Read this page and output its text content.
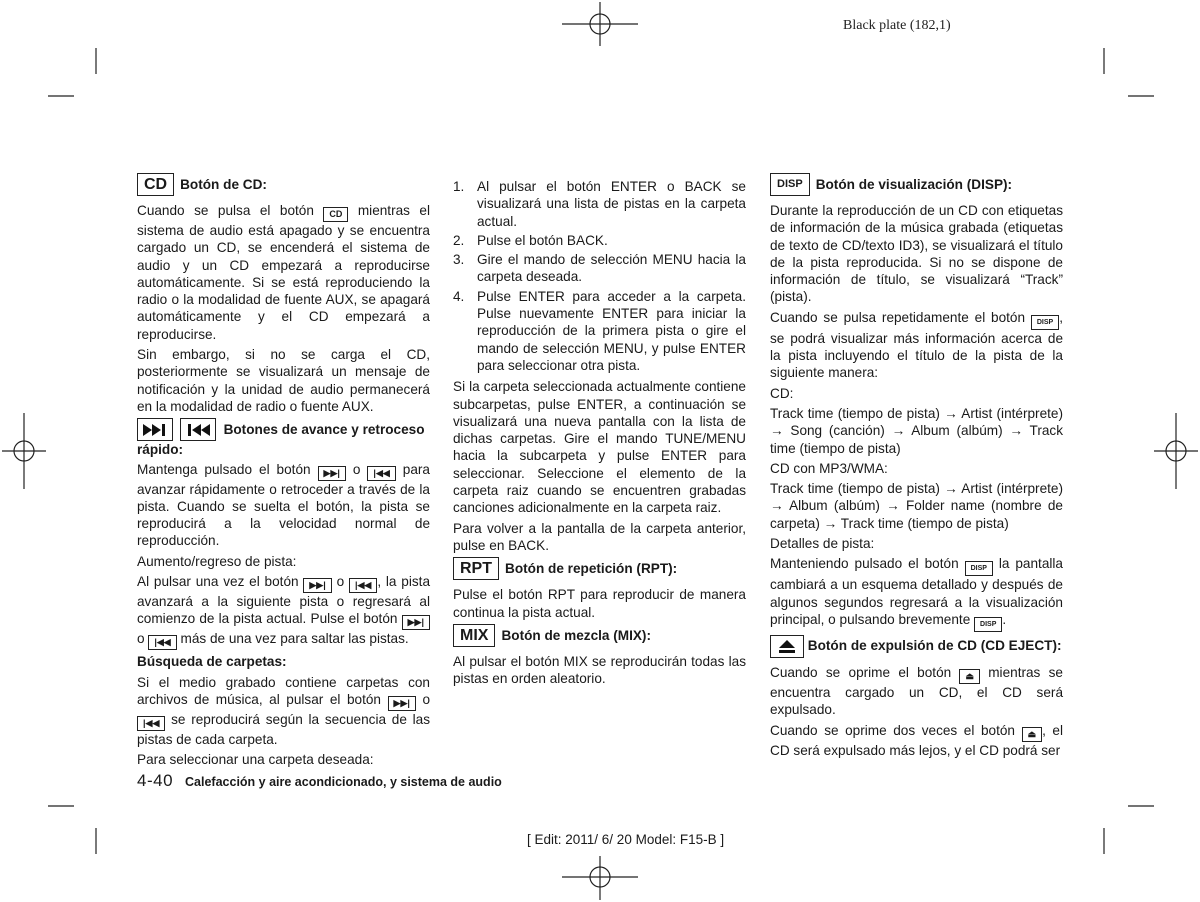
Black plate (182,1)
CD Botón de CD:

Cuando se pulsa el botón CD mientras el sistema de audio está apagado y se encuentra cargado un CD, se encenderá el sistema de audio y un CD empezará a reproducirse automáticamente. Si se está reproduciendo la radio o la modalidad de fuente AUX, se apagará automáticamente y el CD empezará a reproducirse.

Sin embargo, si no se carga el CD, posteriormente se visualizará un mensaje de notificación y la unidad de audio permanecerá en la modalidad de radio o fuente AUX.

Botones de avance y retroceso rápido:

Mantenga pulsado el botón ▶▶| o |◀◀ para avanzar rápidamente o retroceder a través de la pista. Cuando se suelta el botón, la pista se reproducirá a la velocidad normal de reproducción.

Aumento/regreso de pista:

Al pulsar una vez el botón ▶▶| o |◀◀ , la pista avanzará a la siguiente pista o regresará al comienzo de la pista actual. Pulse el botón ▶▶| o |◀◀ más de una vez para saltar las pistas.

Búsqueda de carpetas:

Si el medio grabado contiene carpetas con archivos de música, al pulsar el botón ▶▶| o |◀◀ se reproducirá según la secuencia de las pistas de cada carpeta.

Para seleccionar una carpeta deseada:

1. Al pulsar el botón ENTER o BACK se visualizará una lista de pistas en la carpeta actual.
2. Pulse el botón BACK.
3. Gire el mando de selección MENU hacia la carpeta deseada.
4. Pulse ENTER para acceder a la carpeta. Pulse nuevamente ENTER para iniciar la reproducción de la primera pista o gire el mando de selección MENU, y pulse ENTER para seleccionar otra pista.

Si la carpeta seleccionada actualmente contiene subcarpetas, pulse ENTER, a continuación se visualizará una nueva pantalla con la lista de dichas carpetas. Gire el mando TUNE/MENU hacia la subcarpeta y pulse ENTER para seleccionar. Seleccione el elemento de la carpeta raiz cuando se encuentren grabadas canciones adicionalmente en la carpeta raiz.

Para volver a la pantalla de la carpeta anterior, pulse en BACK.

RPT Botón de repetición (RPT):

Pulse el botón RPT para reproducir de manera continua la pista actual.

MIX Botón de mezcla (MIX):

Al pulsar el botón MIX se reproducirán todas las pistas en orden aleatorio.

DISP Botón de visualización (DISP):

Durante la reproducción de un CD con etiquetas de información de la música grabada (etiquetas de texto de CD/texto ID3), se visualizará el título de la pista reproducida. Si no se dispone de información de título, se visualizará “Track” (pista).

Cuando se pulsa repetidamente el botón DISP , se podrá visualizar más información acerca de la pista incluyendo el título de la pista de la siguiente manera:

CD:

Track time (tiempo de pista) → Artist (intérprete) → Song (canción) → Album (albúm) → Track time (tiempo de pista)

CD con MP3/WMA:

Track time (tiempo de pista) → Artist (intérprete) → Album (albúm) → Folder name (nombre de carpeta) → Track time (tiempo de pista)

Detalles de pista:

Manteniendo pulsado el botón DISP la pantalla cambiará a un esquema detallado y después de algunos segundos regresará a la visualización principal, o pulsando brevemente DISP .

Botón de expulsión de CD (CD EJECT):

Cuando se oprime el botón ⏏ mientras se encuentra cargado un CD, el CD será expulsado.

Cuando se oprime dos veces el botón ⏏ , el CD será expulsado más lejos, y el CD podrá ser

4-40 Calefacción y aire acondicionado, y sistema de audio
[ Edit: 2011/ 6/ 20 Model: F15-B ]
